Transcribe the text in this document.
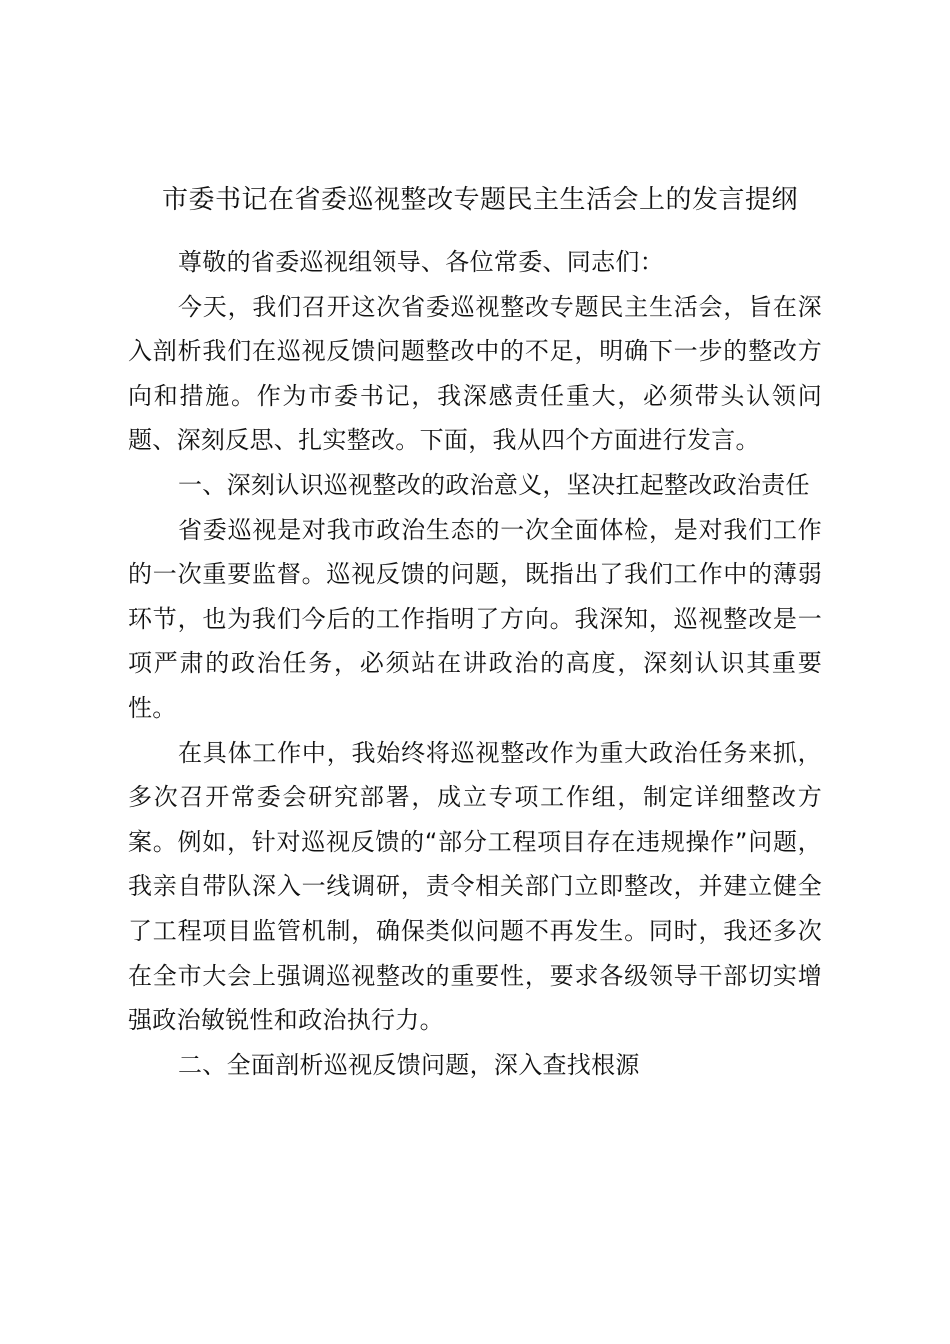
市委书记在省委巡视整改专题民主生活会上的发言提纲

尊敬的省委巡视组领导、各位常委、同志们：

今天，我们召开这次省委巡视整改专题民主生活会，旨在深入剖析我们在巡视反馈问题整改中的不足，明确下一步的整改方向和措施。作为市委书记，我深感责任重大，必须带头认领问题、深刻反思、扎实整改。下面，我从四个方面进行发言。

一、深刻认识巡视整改的政治意义，坚决扛起整改政治责任

省委巡视是对我市政治生态的一次全面体检，是对我们工作的一次重要监督。巡视反馈的问题，既指出了我们工作中的薄弱环节，也为我们今后的工作指明了方向。我深知，巡视整改是一项严肃的政治任务，必须站在讲政治的高度，深刻认识其重要性。

在具体工作中，我始终将巡视整改作为重大政治任务来抓，多次召开常委会研究部署，成立专项工作组，制定详细整改方案。例如，针对巡视反馈的“部分工程项目存在违规操作”问题，我亲自带队深入一线调研，责令相关部门立即整改，并建立健全了工程项目监管机制，确保类似问题不再发生。同时，我还多次在全市大会上强调巡视整改的重要性，要求各级领导干部切实增强政治敏锐性和政治执行力。

二、全面剖析巡视反馈问题，深入查找根源
